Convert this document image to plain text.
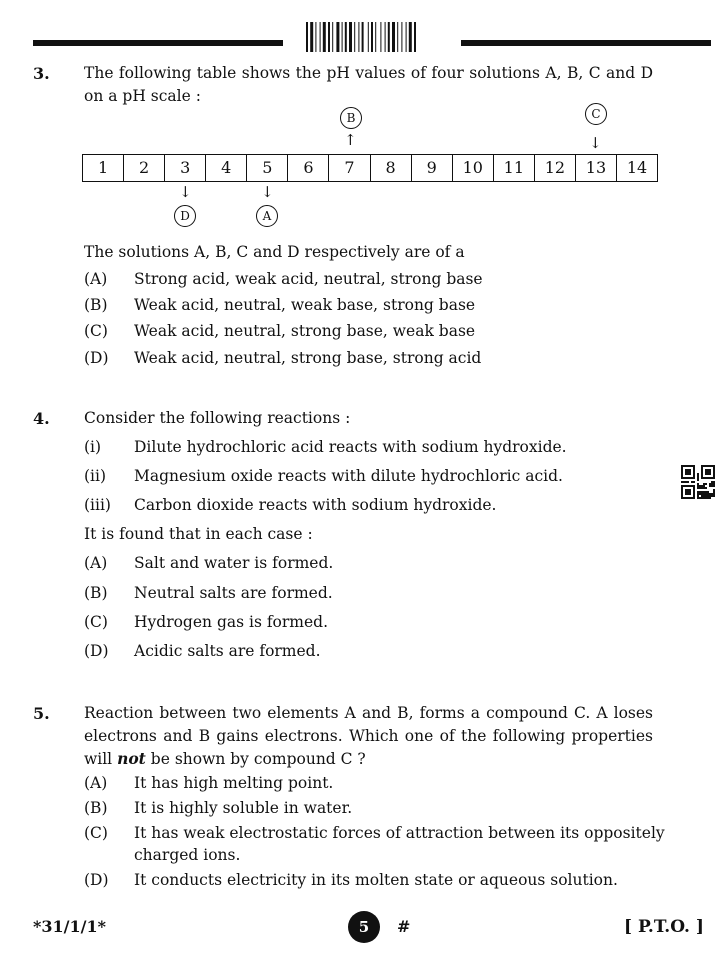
3. The following table shows the pH values of four solutions A, B, C and D
on a pH scale :
B
↑
C
↓
1	2	3	4	5	6	7	8	9	10	11	12	13	14
↓
D
↓
A
The solutions A, B, C and D respectively are of a
(A) Strong acid, weak acid, neutral, strong base
(B) Weak acid, neutral, weak base, strong base
(C) Weak acid, neutral, strong base, weak base
(D) Weak acid, neutral, strong base, strong acid
4. Consider the following reactions :
(i) Dilute hydrochloric acid reacts with sodium hydroxide.
(ii) Magnesium oxide reacts with dilute hydrochloric acid.
(iii) Carbon dioxide reacts with sodium hydroxide.
It is found that in each case :
(A) Salt and water is formed.
(B) Neutral salts are formed.
(C) Hydrogen gas is formed.
(D) Acidic salts are formed.
5. Reaction between two elements A and B, forms a compound C. A loses
electrons and B gains electrons. Which one of the following properties
will not be shown by compound C ?
(A) It has high melting point.
(B) It is highly soluble in water.
(C) It has weak electrostatic forces of attraction between its oppositely
charged ions.
(D) It conducts electricity in its molten state or aqueous solution.
*31/1/1*	5	#	[ P.T.O. ]
